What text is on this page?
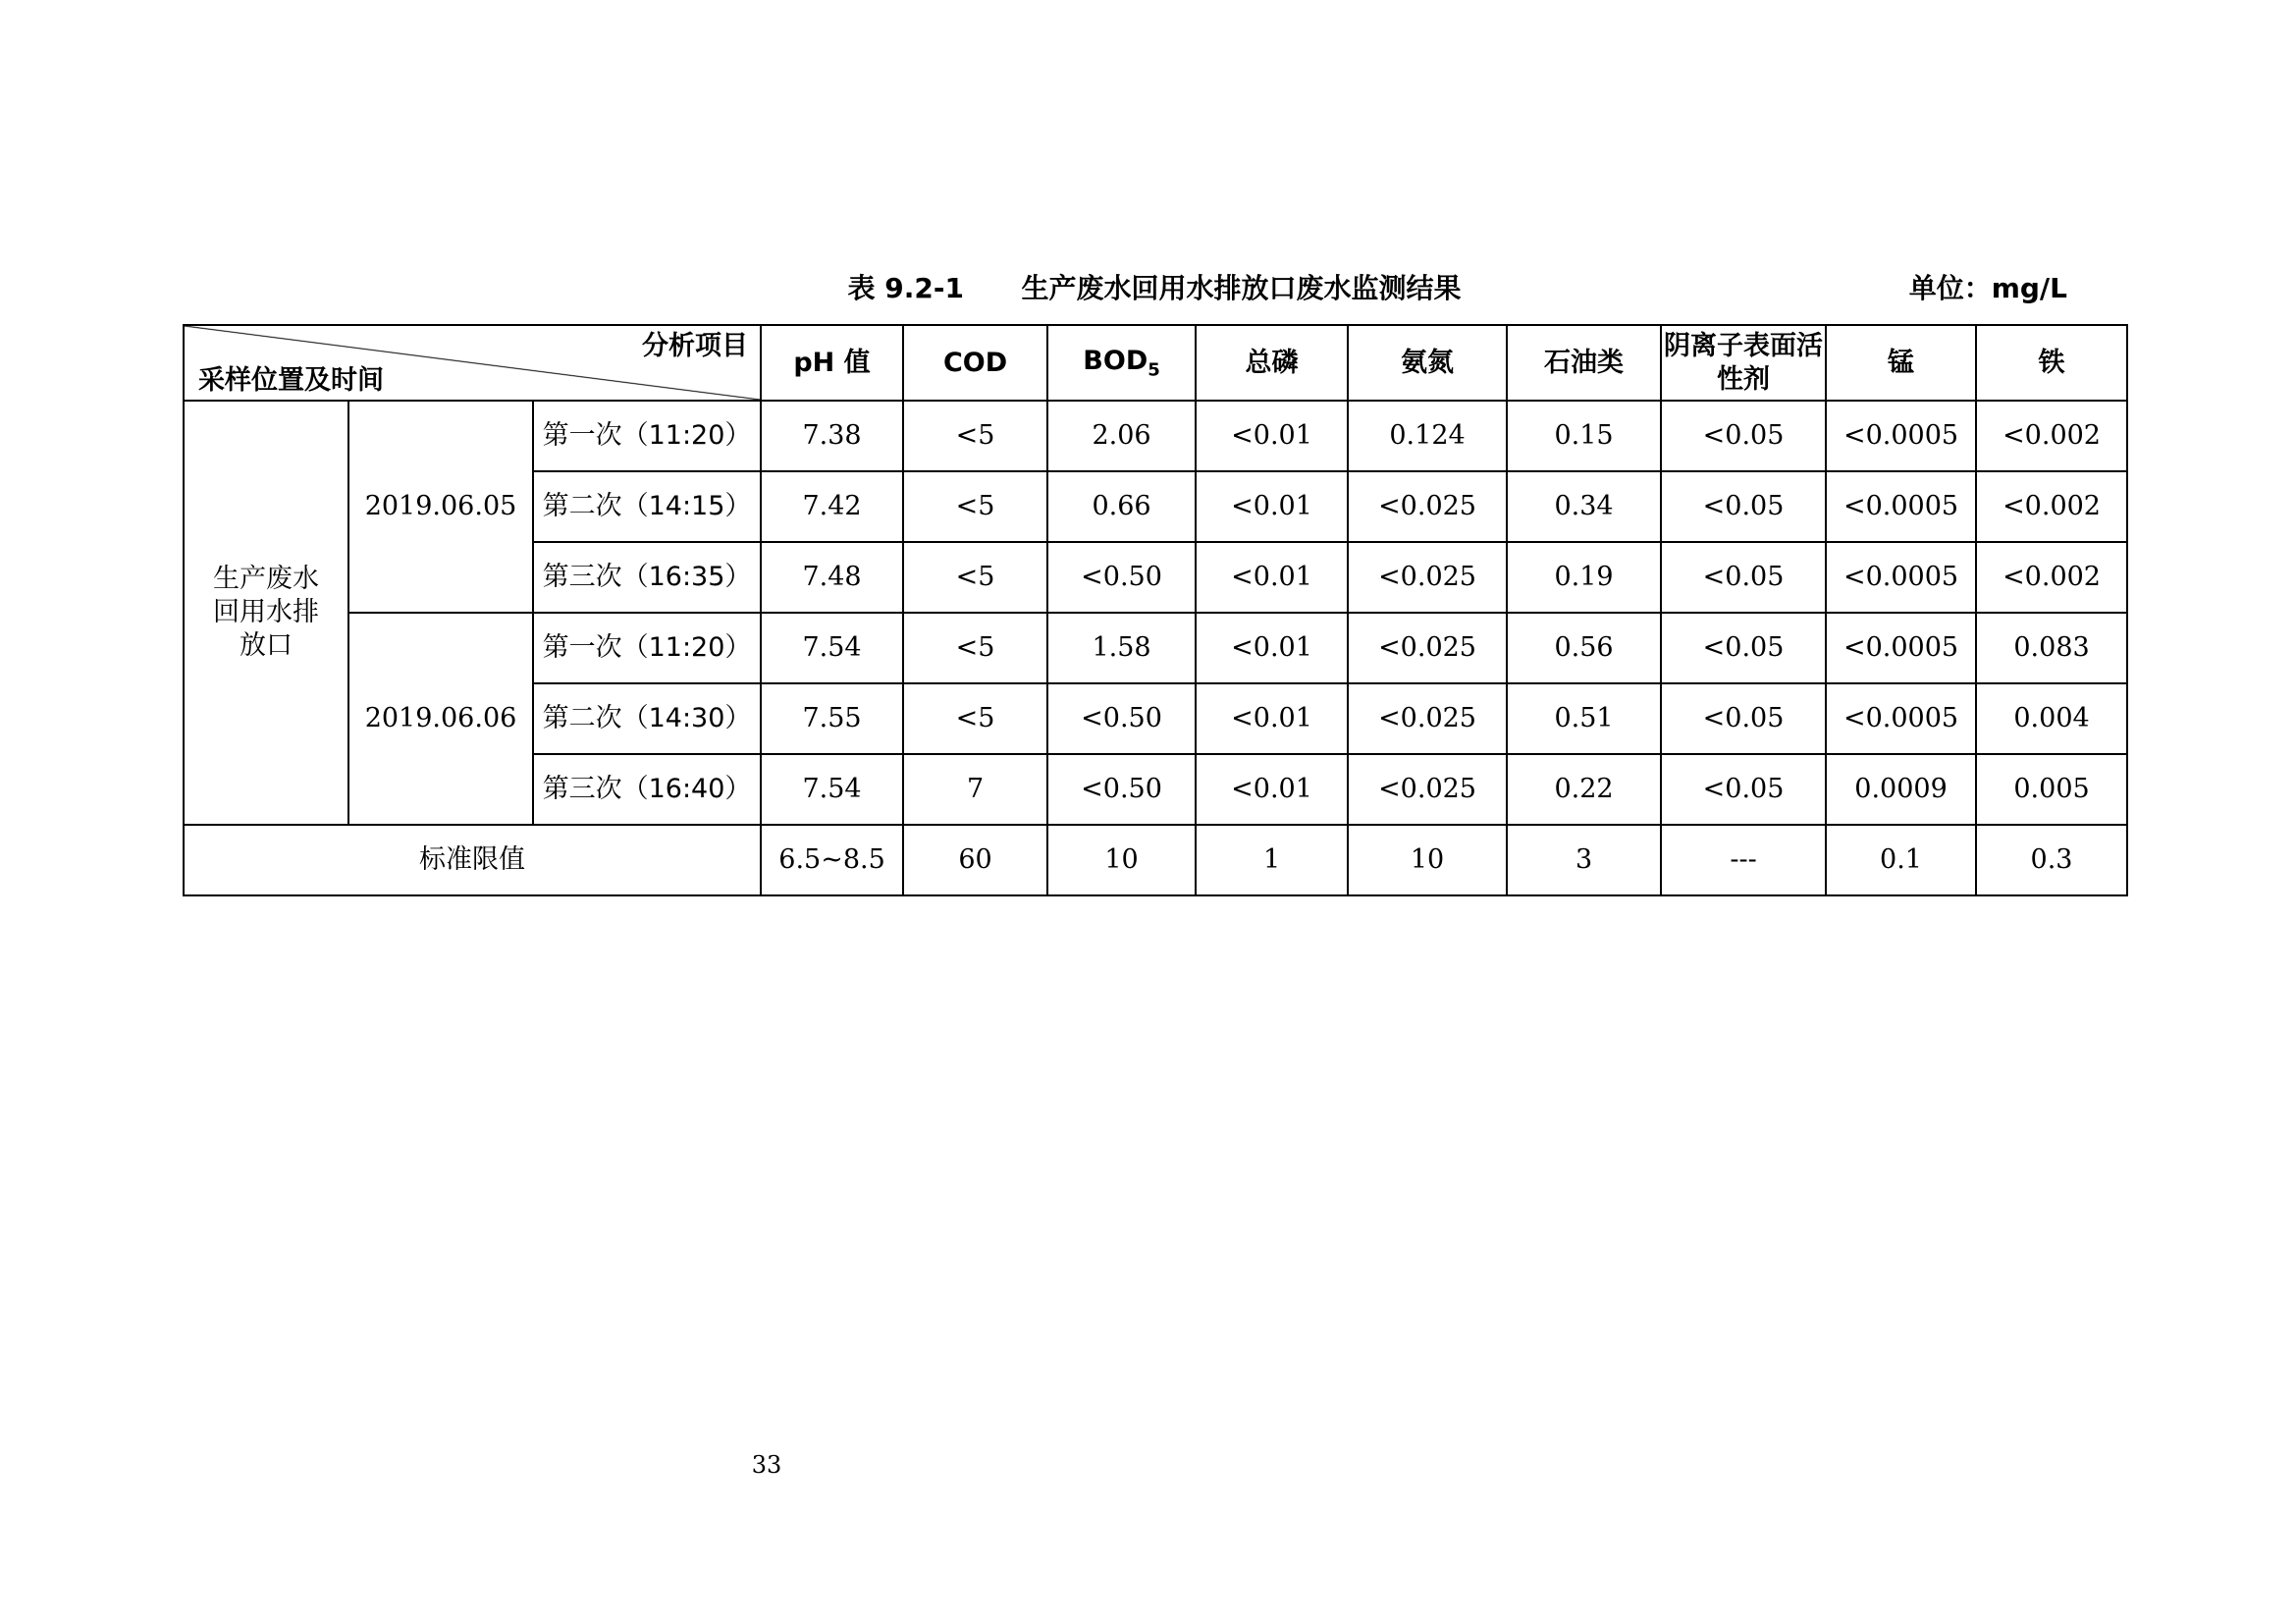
表 9.2-1      生产废水回用水排放口废水监测结果	单位：mg/L
分析项目
采样位置及时间			pH 值	COD	$BOD_5$	总磷	氨氮	石油类	阴离子表面活性剂	锰	铁
生产废水回用水排放口	2019.06.05	第一次（11:20）	7.38	<5	2.06	<0.01	0.124	0.15	<0.05	<0.0005	<0.002
		第二次（14:15）	7.42	<5	0.66	<0.01	<0.025	0.34	<0.05	<0.0005	<0.002
		第三次（16:35）	7.48	<5	<0.50	<0.01	<0.025	0.19	<0.05	<0.0005	<0.002
	2019.06.06	第一次（11:20）	7.54	<5	1.58	<0.01	<0.025	0.56	<0.05	<0.0005	0.083
		第二次（14:30）	7.55	<5	<0.50	<0.01	<0.025	0.51	<0.05	<0.0005	0.004
		第三次（16:40）	7.54	7	<0.50	<0.01	<0.025	0.22	<0.05	0.0009	0.005
标准限值			6.5~8.5	60	10	1	10	3	---	0.1	0.3
33
